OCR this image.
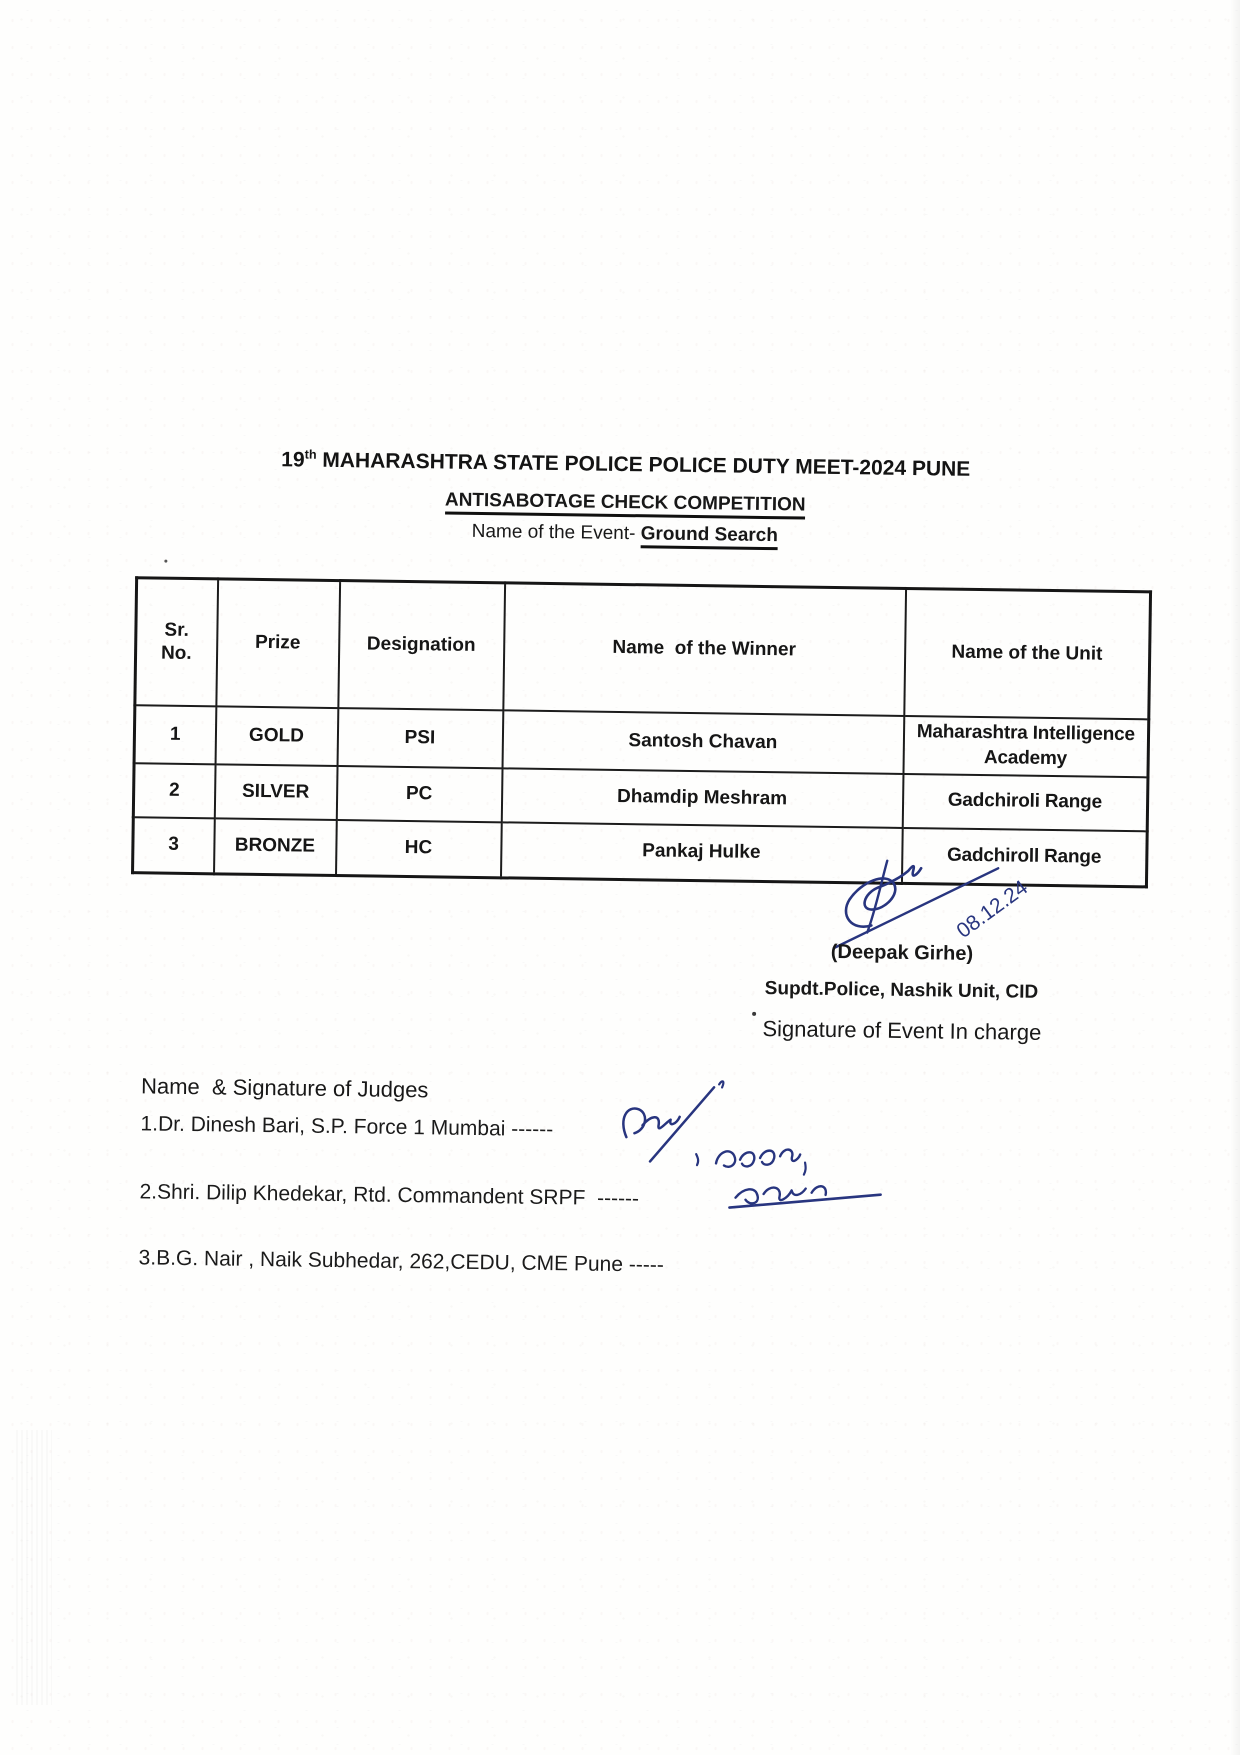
19th MAHARASHTRA STATE POLICE POLICE DUTY MEET-2024 PUNE
ANTISABOTAGE CHECK COMPETITION
Name of the Event- Ground Search
Sr.
No.	Prize	Designation	Name  of the Winner	Name of the Unit
1	GOLD	PSI	Santosh Chavan	Maharashtra Intelligence
Academy
2	SILVER	PC	Dhamdip Meshram	Gadchiroli Range
3	BRONZE	HC	Pankaj Hulke	Gadchiroll Range
08.12.24
(Deepak Girhe)
Supdt.Police, Nashik Unit, CID
Signature of Event In charge
Name  & Signature of Judges
1.Dr. Dinesh Bari, S.P. Force 1 Mumbai ------
2.Shri. Dilip Khedekar, Rtd. Commandent SRPF  ------
3.B.G. Nair , Naik Subhedar, 262,CEDU, CME Pune -----
